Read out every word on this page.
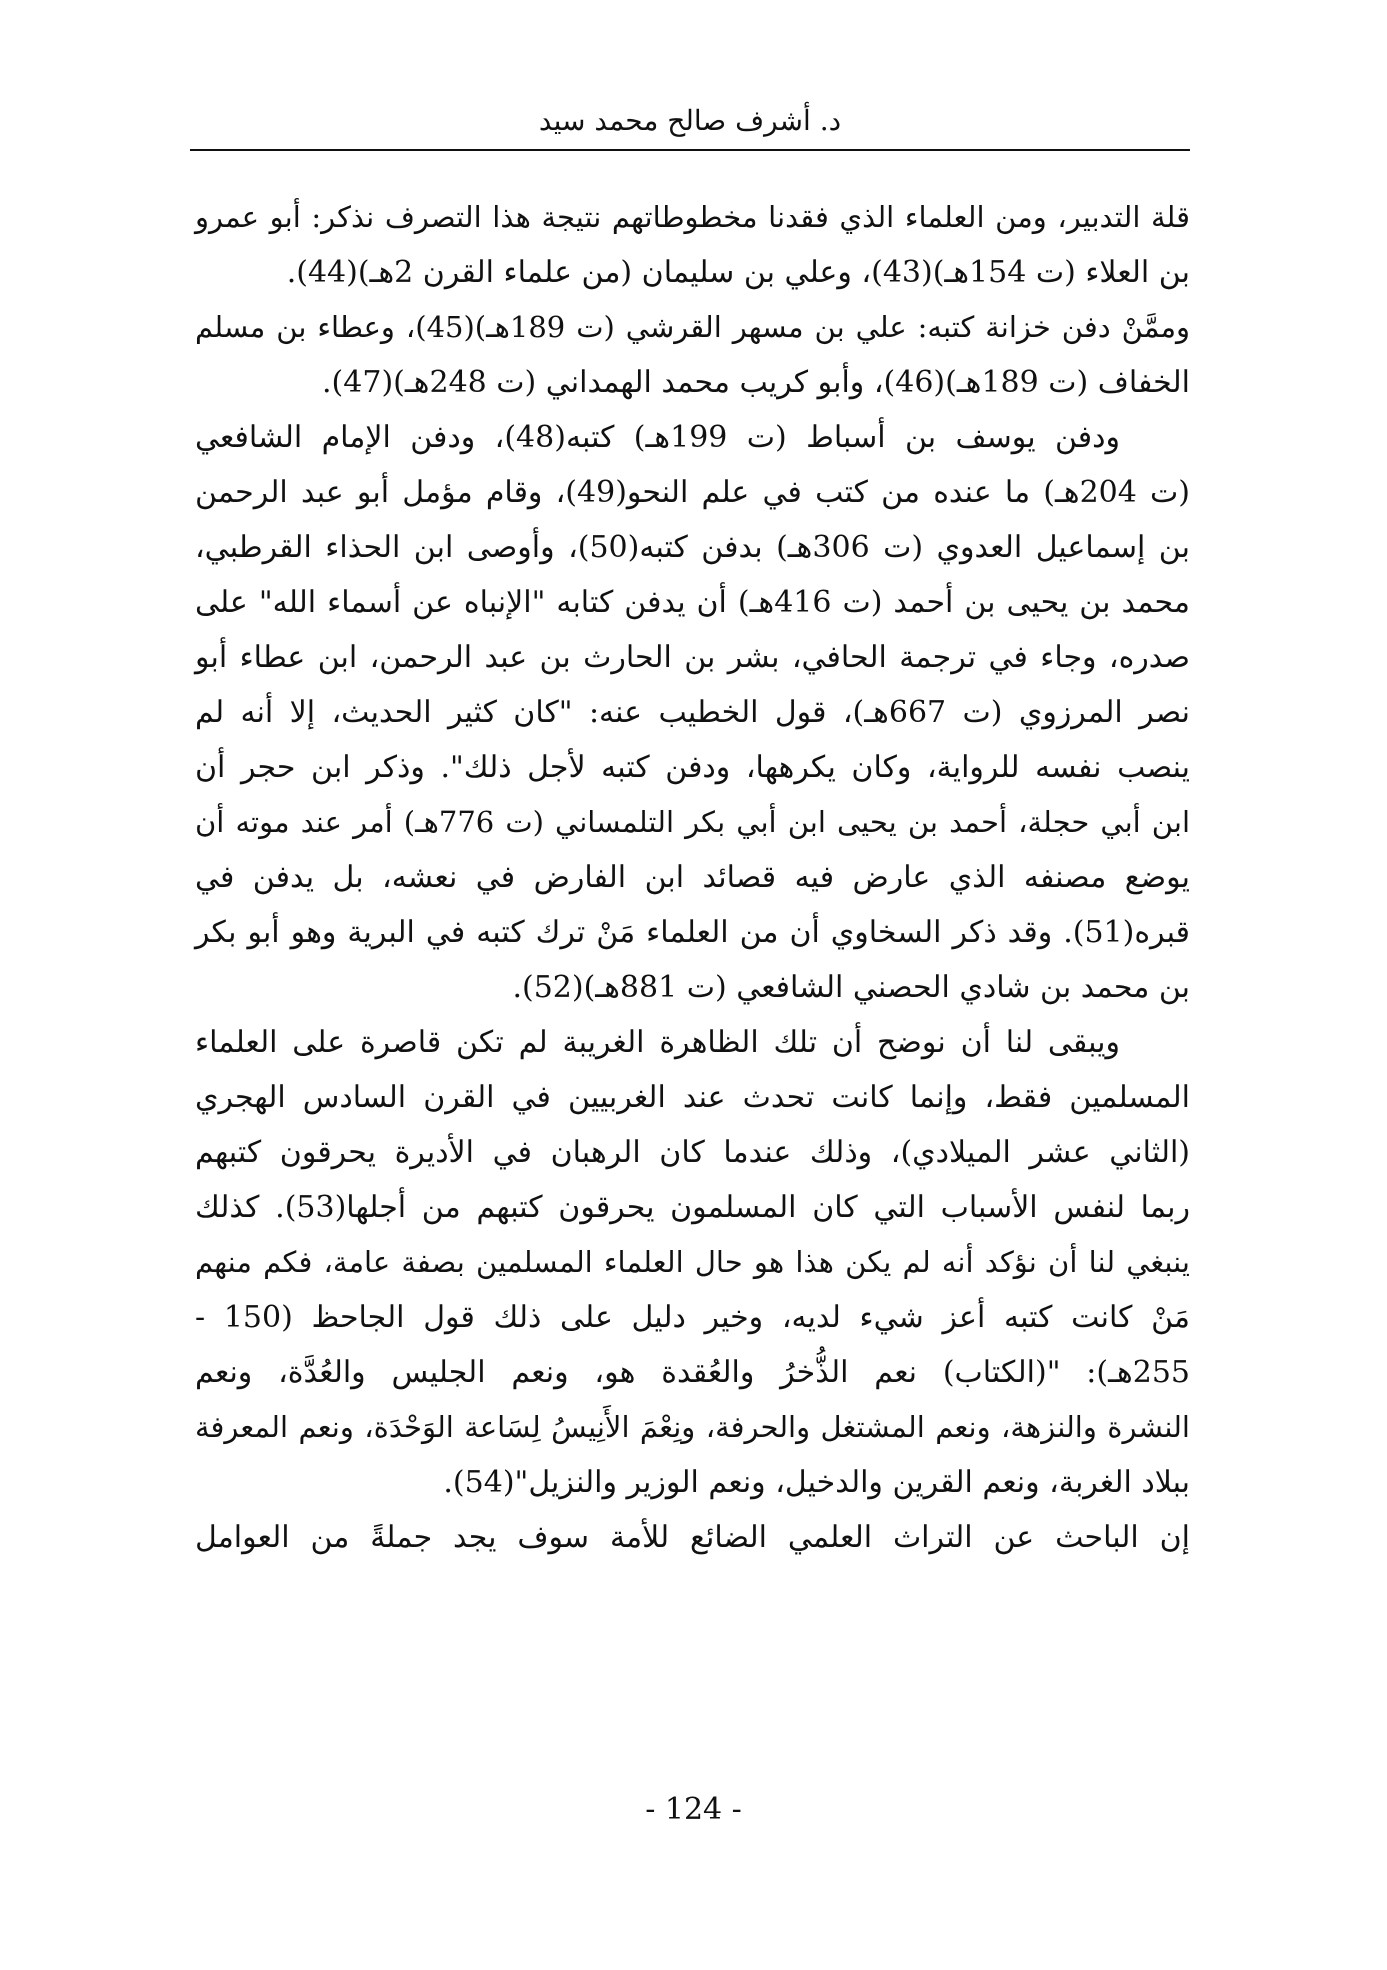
د. أشرف صالح محمد سيد
قلة التدبير، ومن العلماء الذي فقدنا مخطوطاتهم نتيجة هذا التصرف نذكر: أبو عمرو
بن العلاء (ت 154هـ)(43)، وعلي بن سليمان (من علماء القرن 2هـ)(44).
وممَّنْ دفن خزانة كتبه: علي بن مسهر القرشي (ت 189هـ)(45)، وعطاء بن مسلم
الخفاف (ت 189هـ)(46)، وأبو كريب محمد الهمداني (ت 248هـ)(47).
ودفن يوسف بن أسباط (ت 199هـ) كتبه(48)، ودفن الإمام الشافعي
(ت 204هـ) ما عنده من كتب في علم النحو(49)، وقام مؤمل أبو عبد الرحمن
بن إسماعيل العدوي (ت 306هـ) بدفن كتبه(50)، وأوصى ابن الحذاء القرطبي،
محمد بن يحيى بن أحمد (ت 416هـ) أن يدفن كتابه "الإنباه عن أسماء الله" على
صدره، وجاء في ترجمة الحافي، بشر بن الحارث بن عبد الرحمن، ابن عطاء أبو
نصر المرزوي (ت 667هـ)، قول الخطيب عنه: "كان كثير الحديث، إلا أنه لم
ينصب نفسه للرواية، وكان يكرهها، ودفن كتبه لأجل ذلك". وذكر ابن حجر أن
ابن أبي حجلة، أحمد بن يحيى ابن أبي بكر التلمساني (ت 776هـ) أمر عند موته أن
يوضع مصنفه الذي عارض فيه قصائد ابن الفارض في نعشه، بل يدفن في
قبره(51). وقد ذكر السخاوي أن من العلماء مَنْ ترك كتبه في البرية وهو أبو بكر
بن محمد بن شادي الحصني الشافعي (ت 881هـ)(52).
ويبقى لنا أن نوضح أن تلك الظاهرة الغريبة لم تكن قاصرة على العلماء
المسلمين فقط، وإنما كانت تحدث عند الغربيين في القرن السادس الهجري
(الثاني عشر الميلادي)، وذلك عندما كان الرهبان في الأديرة يحرقون كتبهم
ربما لنفس الأسباب التي كان المسلمون يحرقون كتبهم من أجلها(53). كذلك
ينبغي لنا أن نؤكد أنه لم يكن هذا هو حال العلماء المسلمين بصفة عامة، فكم منهم
مَنْ كانت كتبه أعز شيء لديه، وخير دليل على ذلك قول الجاحظ (150 -
255هـ): "(الكتاب) نعم الذُّخرُ والعُقدة هو، ونعم الجليس والعُدَّة، ونعم
النشرة والنزهة، ونعم المشتغل والحرفة، ونِعْمَ الأَنِيسُ لِسَاعة الوَحْدَة، ونعم المعرفة
ببلاد الغربة، ونعم القرين والدخيل، ونعم الوزير والنزيل"(54).
إن الباحث عن التراث العلمي الضائع للأمة سوف يجد جملةً من العوامل
- 124 -
